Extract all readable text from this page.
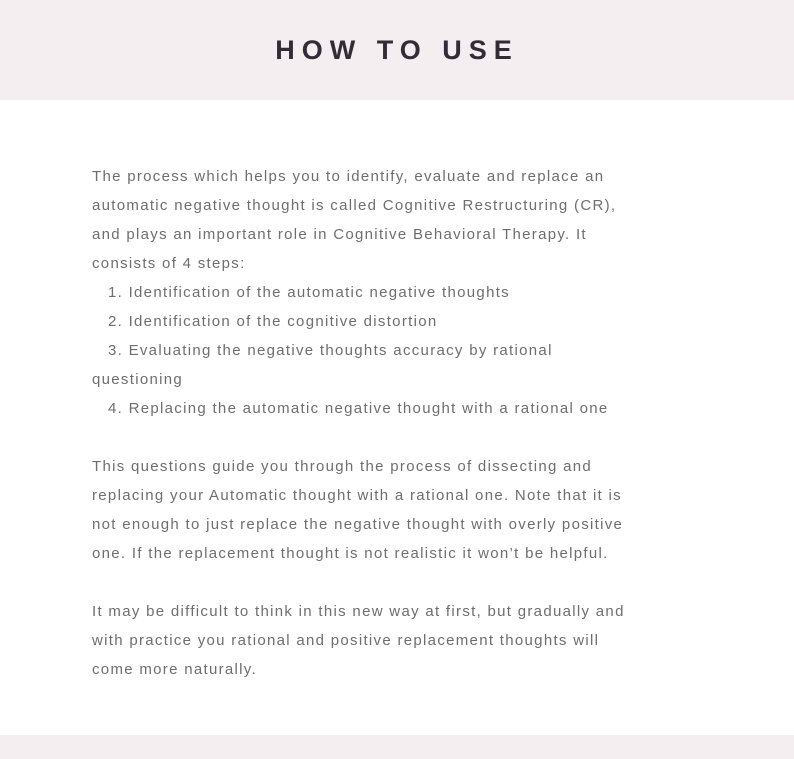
HOW TO USE

The process which helps you to identify, evaluate and replace an automatic negative thought is called Cognitive Restructuring (CR), and plays an important role in Cognitive Behavioral Therapy. It consists of 4 steps:

1. Identification of the automatic negative thoughts
2. Identification of the cognitive distortion
3. Evaluating the negative thoughts accuracy by rational questioning
4. Replacing the automatic negative thought with a rational one

This questions guide you through the process of dissecting and replacing your Automatic thought with a rational one. Note that it is not enough to just replace the negative thought with overly positive one. If the replacement thought is not realistic it won’t be helpful.

It may be difficult to think in this new way at first, but gradually and with practice you rational and positive replacement thoughts will come more naturally.
